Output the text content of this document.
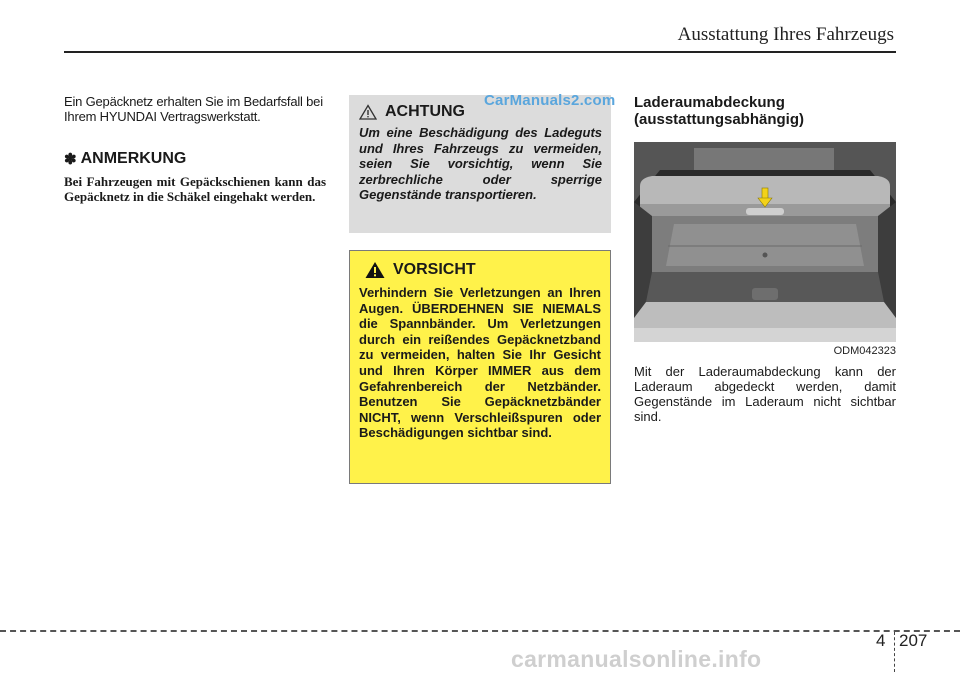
Ausstattung Ihres Fahrzeugs

Ein Gepäcknetz erhalten Sie im Bedarfsfall bei Ihrem HYUNDAI Vertragswerkstatt.

✽ ANMERKUNG

Bei Fahrzeugen mit Gepäckschienen kann das Gepäcknetz in die Schäkel eingehakt werden.

ACHTUNG

Um eine Beschädigung des Ladeguts und Ihres Fahrzeugs zu vermeiden, seien Sie vorsichtig, wenn Sie zerbrechliche oder sperrige Gegenstände transportieren.

CarManuals2.com
VORSICHT

Verhindern Sie Verletzungen an Ihren Augen. ÜBERDEHNEN SIE NIEMALS die Spannbänder. Um Verletzungen durch ein reißendes Gepäcknetzband zu vermeiden, halten Sie Ihr Gesicht und Ihren Körper IMMER aus dem Gefahrenbereich der Netzbänder. Benutzen Sie Gepäcknetzbänder NICHT, wenn Verschleißspuren oder Beschädigungen sichtbar sind.

Laderaumabdeckung (ausstattungsabhängig)
ODM042323

Mit der Laderaumabdeckung kann der Laderaum abgedeckt werden, damit Gegenstände im Laderaum nicht sichtbar sind.

4 207
carmanualsonline.info
